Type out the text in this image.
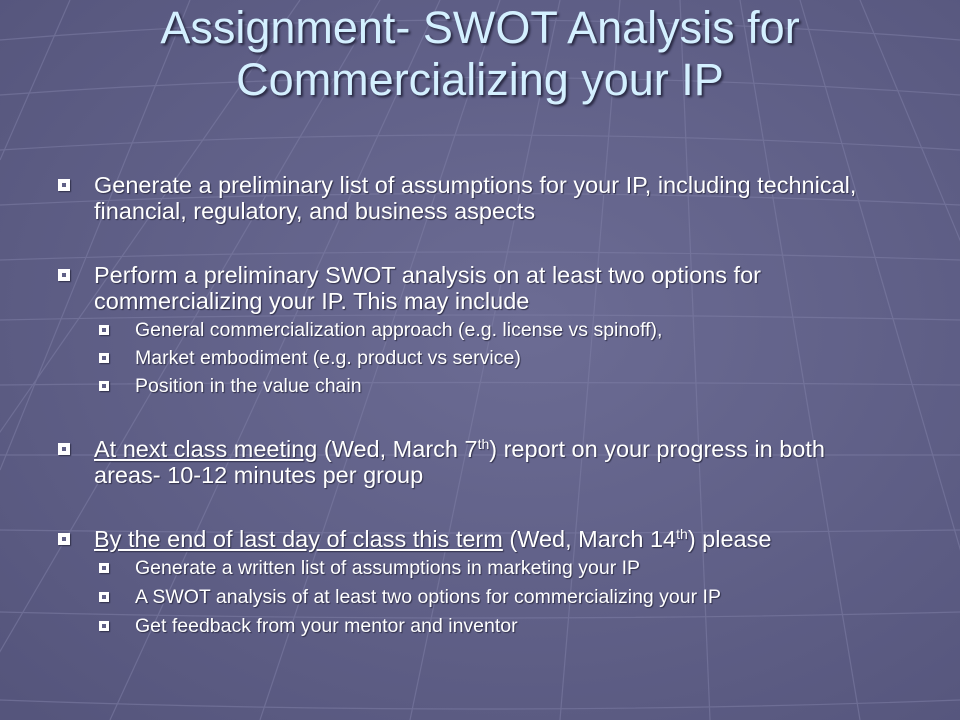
Assignment- SWOT Analysis for Commercializing your IP
Generate a preliminary list of assumptions for your IP, including technical, financial, regulatory, and business aspects
Perform a preliminary SWOT analysis on at least two options for commercializing your IP. This may include
General commercialization approach (e.g. license vs spinoff),
Market embodiment (e.g. product vs service)
Position in the value chain
At next class meeting (Wed, March 7th) report on your progress in both areas- 10-12 minutes per group
By the end of last day of class this term (Wed, March 14th) please
Generate a written list of assumptions in marketing your IP
A SWOT analysis of at least two options for commercializing your IP
Get feedback from your mentor and inventor
